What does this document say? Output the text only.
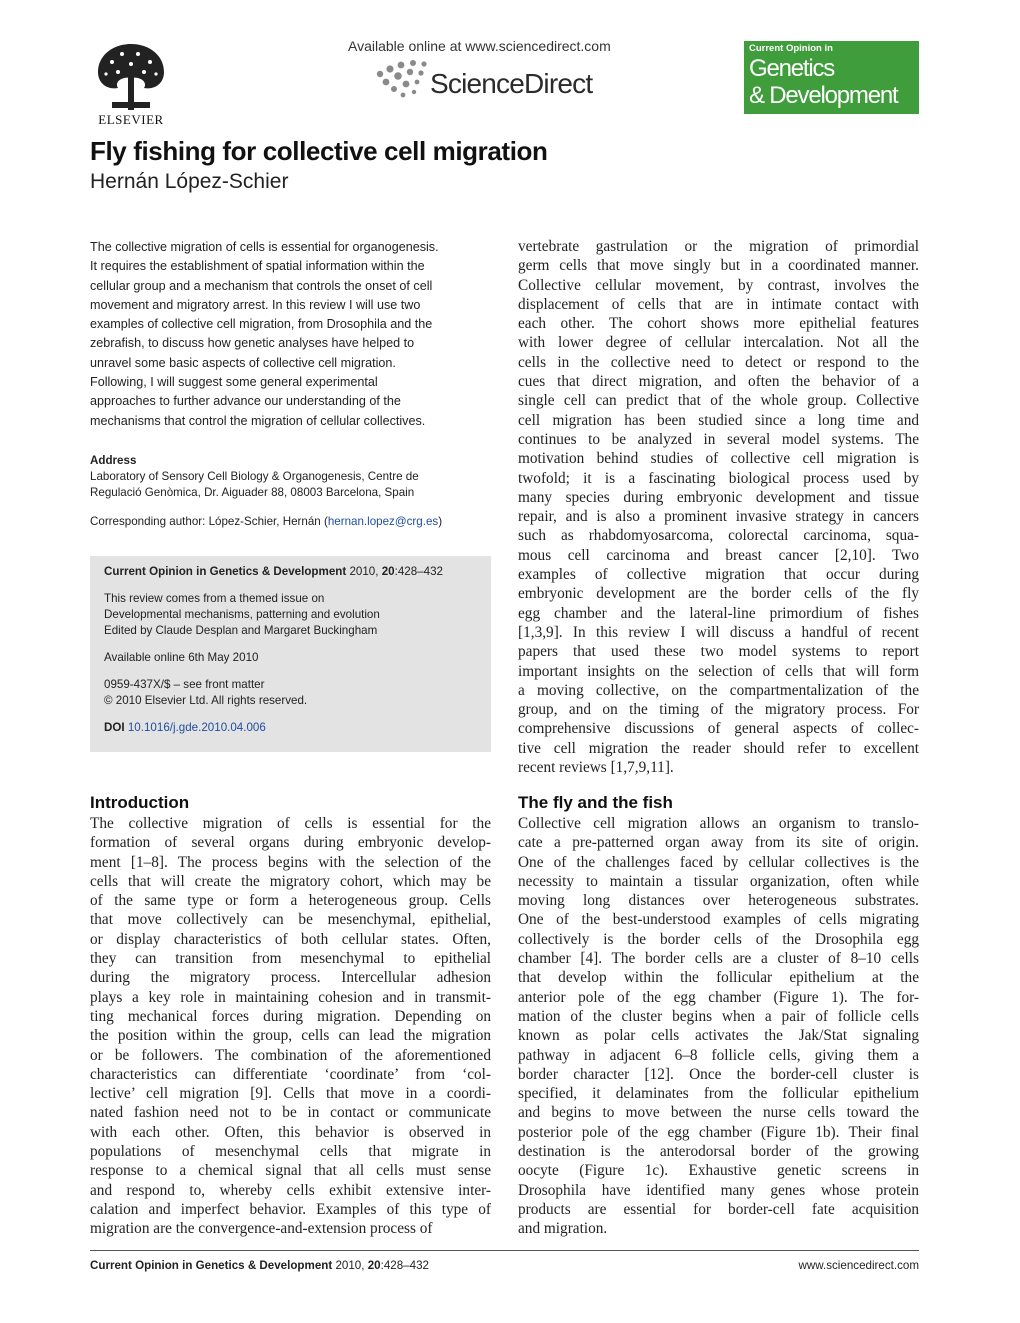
ELSEVIER
Available online at www.sciencedirect.com
ScienceDirect
Current Opinion in
Genetics
& Development
Fly fishing for collective cell migration
Hernán López-Schier
The collective migration of cells is essential for organogenesis.
It requires the establishment of spatial information within the
cellular group and a mechanism that controls the onset of cell
movement and migratory arrest. In this review I will use two
examples of collective cell migration, from Drosophila and the
zebrafish, to discuss how genetic analyses have helped to
unravel some basic aspects of collective cell migration.
Following, I will suggest some general experimental
approaches to further advance our understanding of the
mechanisms that control the migration of cellular collectives.
Address
Laboratory of Sensory Cell Biology & Organogenesis, Centre de
Regulació Genòmica, Dr. Aiguader 88, 08003 Barcelona, Spain
Corresponding author: López-Schier, Hernán (hernan.lopez@crg.es)
Current Opinion in Genetics & Development 2010, 20:428–432
This review comes from a themed issue on
Developmental mechanisms, patterning and evolution
Edited by Claude Desplan and Margaret Buckingham
Available online 6th May 2010
0959-437X/$ – see front matter
© 2010 Elsevier Ltd. All rights reserved.
DOI 10.1016/j.gde.2010.04.006
Introduction
The collective migration of cells is essential for the
formation of several organs during embryonic develop-
ment [1–8]. The process begins with the selection of the
cells that will create the migratory cohort, which may be
of the same type or form a heterogeneous group. Cells
that move collectively can be mesenchymal, epithelial,
or display characteristics of both cellular states. Often,
they can transition from mesenchymal to epithelial
during the migratory process. Intercellular adhesion
plays a key role in maintaining cohesion and in transmit-
ting mechanical forces during migration. Depending on
the position within the group, cells can lead the migration
or be followers. The combination of the aforementioned
characteristics can differentiate ‘coordinate’ from ‘col-
lective’ cell migration [9]. Cells that move in a coordi-
nated fashion need not to be in contact or communicate
with each other. Often, this behavior is observed in
populations of mesenchymal cells that migrate in
response to a chemical signal that all cells must sense
and respond to, whereby cells exhibit extensive inter-
calation and imperfect behavior. Examples of this type of
migration are the convergence-and-extension process of
vertebrate gastrulation or the migration of primordial
germ cells that move singly but in a coordinated manner.
Collective cellular movement, by contrast, involves the
displacement of cells that are in intimate contact with
each other. The cohort shows more epithelial features
with lower degree of cellular intercalation. Not all the
cells in the collective need to detect or respond to the
cues that direct migration, and often the behavior of a
single cell can predict that of the whole group. Collective
cell migration has been studied since a long time and
continues to be analyzed in several model systems. The
motivation behind studies of collective cell migration is
twofold; it is a fascinating biological process used by
many species during embryonic development and tissue
repair, and is also a prominent invasive strategy in cancers
such as rhabdomyosarcoma, colorectal carcinoma, squa-
mous cell carcinoma and breast cancer [2,10]. Two
examples of collective migration that occur during
embryonic development are the border cells of the fly
egg chamber and the lateral-line primordium of fishes
[1,3,9]. In this review I will discuss a handful of recent
papers that used these two model systems to report
important insights on the selection of cells that will form
a moving collective, on the compartmentalization of the
group, and on the timing of the migratory process. For
comprehensive discussions of general aspects of collec-
tive cell migration the reader should refer to excellent
recent reviews [1,7,9,11].
The fly and the fish
Collective cell migration allows an organism to translo-
cate a pre-patterned organ away from its site of origin.
One of the challenges faced by cellular collectives is the
necessity to maintain a tissular organization, often while
moving long distances over heterogeneous substrates.
One of the best-understood examples of cells migrating
collectively is the border cells of the Drosophila egg
chamber [4]. The border cells are a cluster of 8–10 cells
that develop within the follicular epithelium at the
anterior pole of the egg chamber (Figure 1). The for-
mation of the cluster begins when a pair of follicle cells
known as polar cells activates the Jak/Stat signaling
pathway in adjacent 6–8 follicle cells, giving them a
border character [12]. Once the border-cell cluster is
specified, it delaminates from the follicular epithelium
and begins to move between the nurse cells toward the
posterior pole of the egg chamber (Figure 1b). Their final
destination is the anterodorsal border of the growing
oocyte (Figure 1c). Exhaustive genetic screens in
Drosophila have identified many genes whose protein
products are essential for border-cell fate acquisition
and migration.
Current Opinion in Genetics & Development 2010, 20:428–432	www.sciencedirect.com
